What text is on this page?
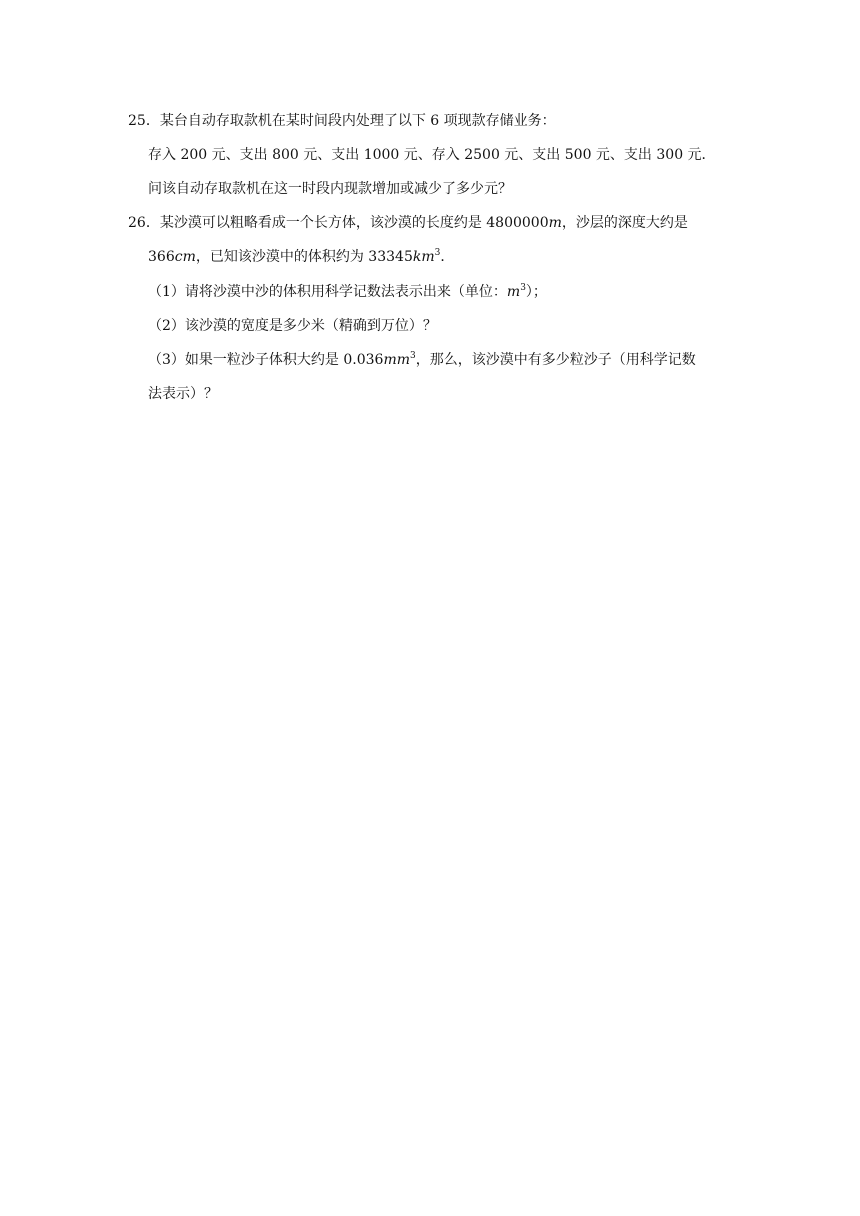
25．某台自动存取款机在某时间段内处理了以下 6 项现款存储业务：
存入 200 元、支出 800 元、支出 1000 元、存入 2500 元、支出 500 元、支出 300 元．
问该自动存取款机在这一时段内现款增加或减少了多少元？
26．某沙漠可以粗略看成一个长方体，该沙漠的长度约是 4800000m，沙层的深度大约是
366cm，已知该沙漠中的体积约为 $33345km^3$．
（1）请将沙漠中沙的体积用科学记数法表示出来（单位：$m^3$）；
（2）该沙漠的宽度是多少米（精确到万位）？
（3）如果一粒沙子体积大约是 $0.036mm^3$，那么，该沙漠中有多少粒沙子（用科学记数
法表示）？
